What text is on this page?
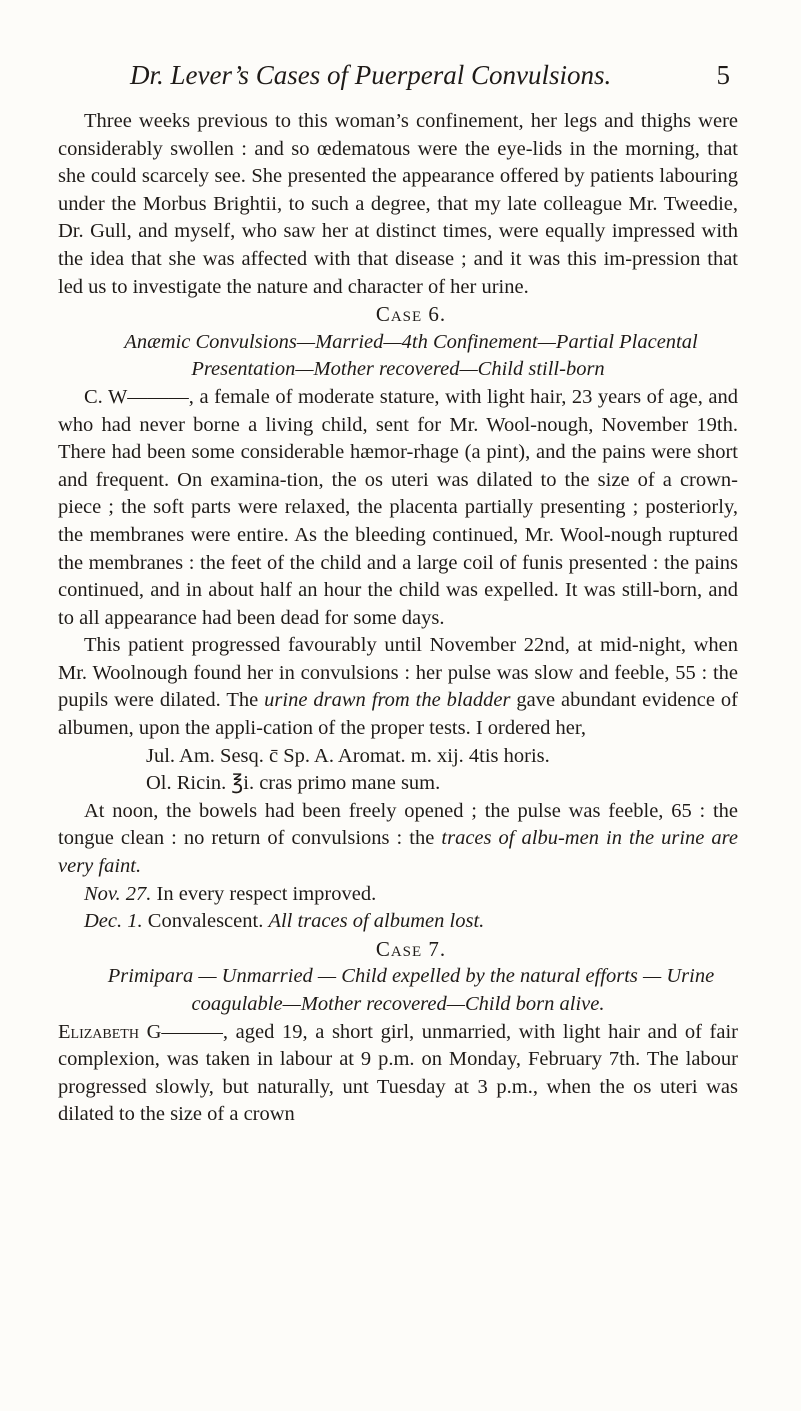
Dr. Lever’s Cases of Puerperal Convulsions.	5

Three weeks previous to this woman’s confinement, her legs and thighs were considerably swollen : and so œdematous were the eye-lids in the morning, that she could scarcely see. She presented the appearance offered by patients labouring under the Morbus Brightii, to such a degree, that my late colleague Mr. Tweedie, Dr. Gull, and myself, who saw her at distinct times, were equally impressed with the idea that she was affected with that disease ; and it was this im-pression that led us to investigate the nature and character of her urine.

Case 6.

Anæmic Convulsions—Married—4th Confinement—Partial Placental Presentation—Mother recovered—Child still-born

C. W———, a female of moderate stature, with light hair, 23 years of age, and who had never borne a living child, sent for Mr. Wool-nough, November 19th. There had been some considerable hæmor-rhage (a pint), and the pains were short and frequent. On examina-tion, the os uteri was dilated to the size of a crown-piece ; the soft parts were relaxed, the placenta partially presenting ; posteriorly, the membranes were entire. As the bleeding continued, Mr. Wool-nough ruptured the membranes : the feet of the child and a large coil of funis presented : the pains continued, and in about half an hour the child was expelled. It was still-born, and to all appearance had been dead for some days.

This patient progressed favourably until November 22nd, at mid-night, when Mr. Woolnough found her in convulsions : her pulse was slow and feeble, 55 : the pupils were dilated. The urine drawn from the bladder gave abundant evidence of albumen, upon the appli-cation of the proper tests. I ordered her,

Jul. Am. Sesq. c̄ Sp. A. Aromat. m. xij. 4tis horis.

Ol. Ricin. ℥i. cras primo mane sum.

At noon, the bowels had been freely opened ; the pulse was feeble, 65 : the tongue clean : no return of convulsions : the traces of albu-men in the urine are very faint.

Nov. 27. In every respect improved.

Dec. 1. Convalescent. All traces of albumen lost.

Case 7.

Primipara — Unmarried — Child expelled by the natural efforts — Urine coagulable—Mother recovered—Child born alive.

Elizabeth G———, aged 19, a short girl, unmarried, with light hair and of fair complexion, was taken in labour at 9 p.m. on Monday, February 7th. The labour progressed slowly, but naturally, unt Tuesday at 3 p.m., when the os uteri was dilated to the size of a crown
